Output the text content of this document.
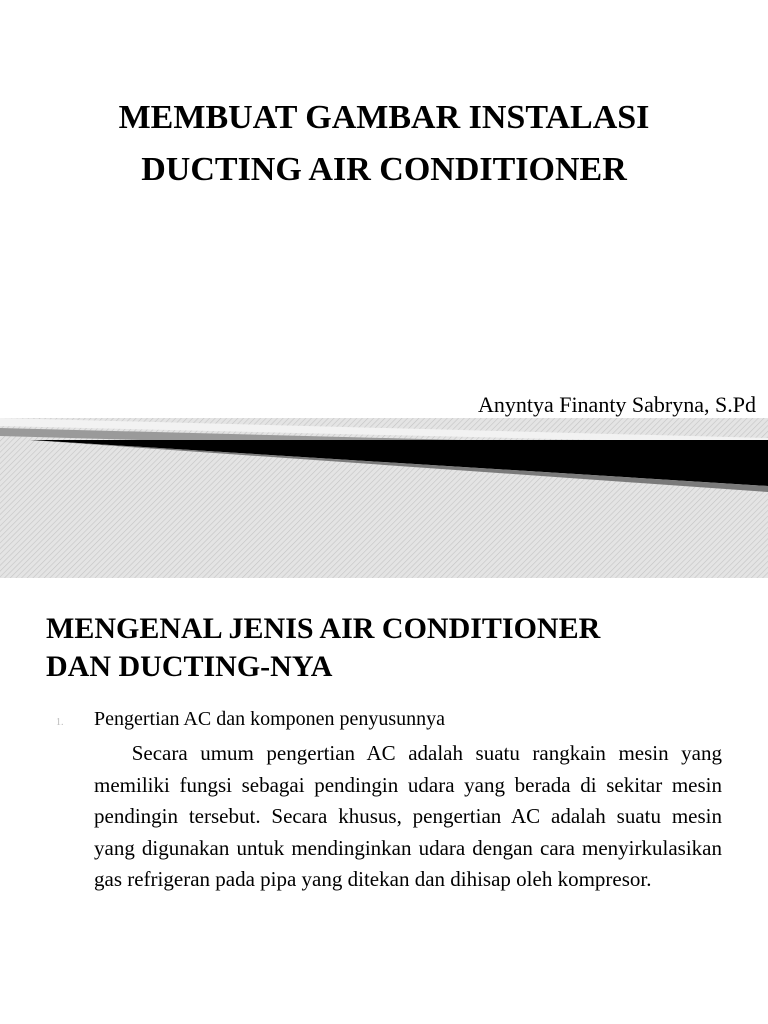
MEMBUAT GAMBAR INSTALASI
DUCTING AIR CONDITIONER
Anyntya Finanty Sabryna, S.Pd
MENGENAL JENIS AIR CONDITIONER
DAN DUCTING-NYA
1.	Pengertian AC dan komponen penyusunnya
Secara umum pengertian AC adalah suatu rangkain mesin yang memiliki fungsi sebagai pendingin udara yang berada di sekitar mesin pendingin tersebut. Secara khusus, pengertian AC adalah suatu mesin yang digunakan untuk mendinginkan udara dengan cara menyirkulasikan gas refrigeran pada pipa yang ditekan dan dihisap oleh kompresor.
